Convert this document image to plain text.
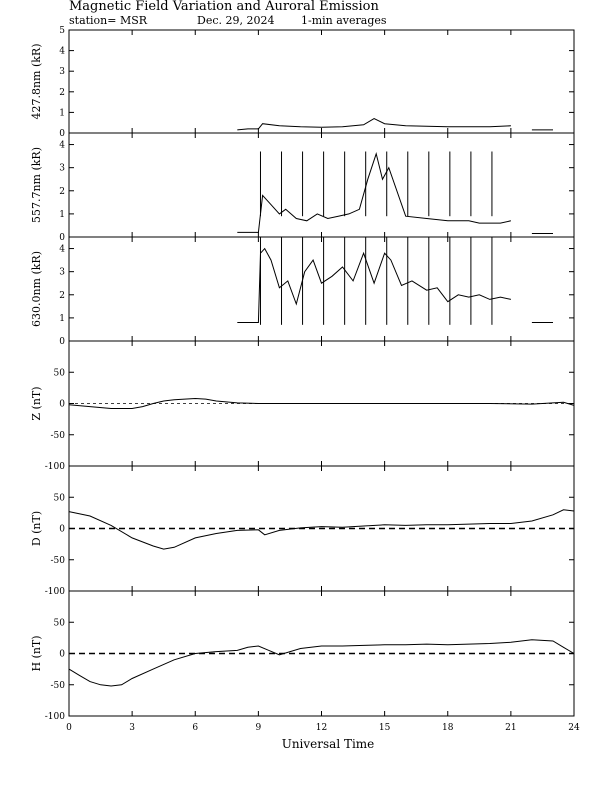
Magnetic Field Variation and Auroral Emission
station= MSR	Dec. 29, 2024 1-min averages
0
1
2
3
4
5
427.8nm (kR)
0
1
2
3
4
557.7nm (kR)
0
1
2
3
4
630.0nm (kR)
-100
-50
0
50
Z (nT)
-100
-50
0
50
D (nT)
-100
-50
0
50
H (nT)
0	3	6	9	12	15	18	21	24
Universal Time
